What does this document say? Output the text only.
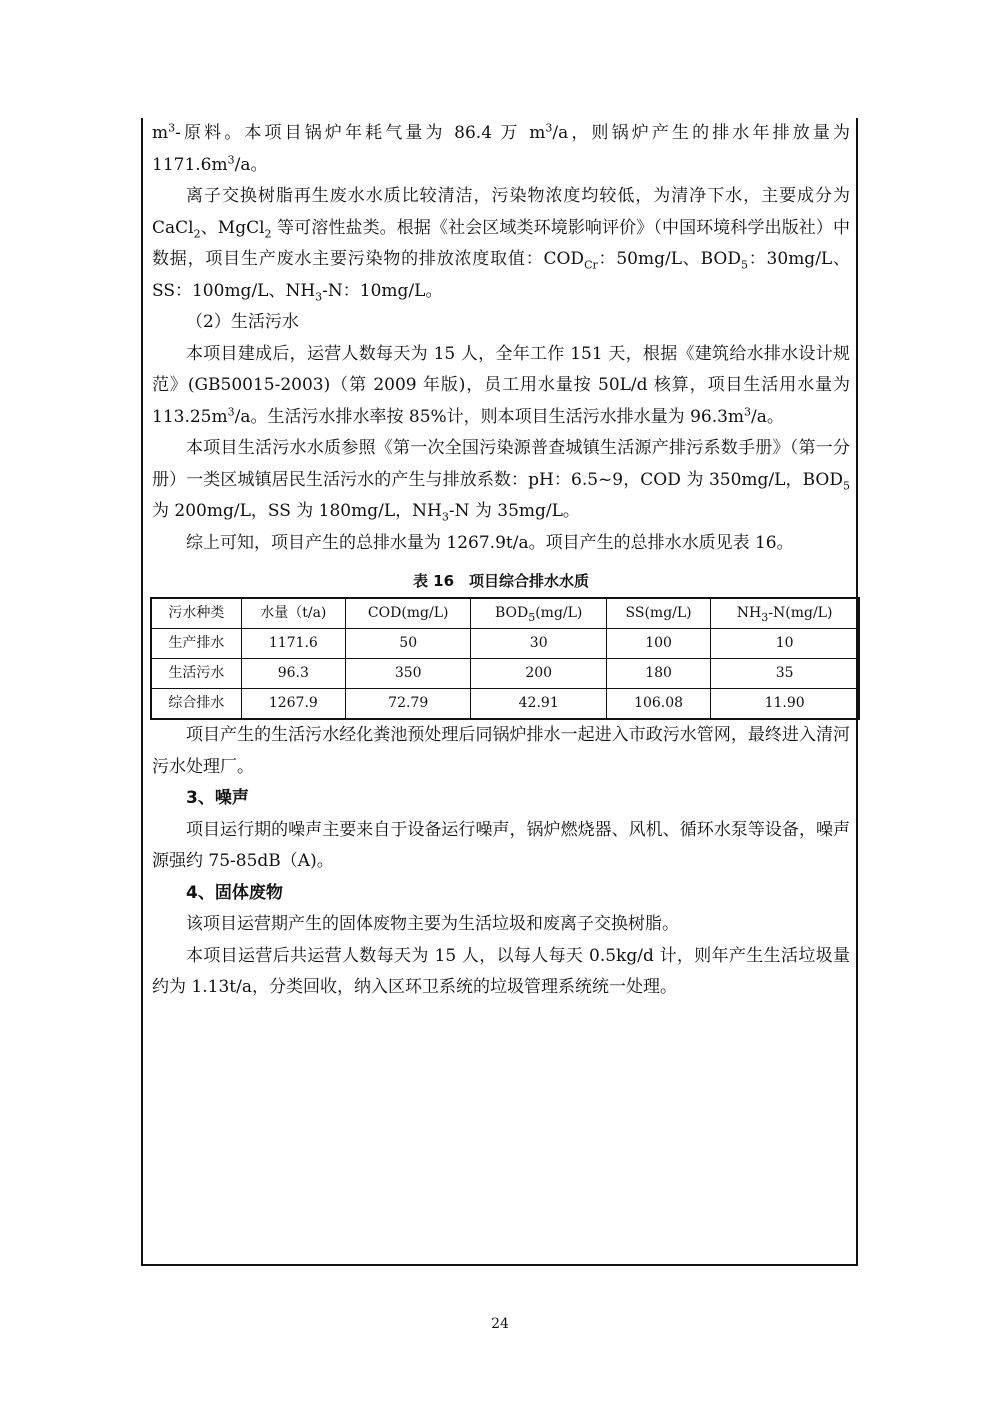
$m^3-$原料。本项目锅炉年耗气量为 86.4 万 $m^3/a$，则锅炉产生的排水年排放量为 $1171.6m^3/a$。

离子交换树脂再生废水水质比较清洁，污染物浓度均较低，为清净下水，主要成分为 CaCl$_2$、MgCl$_2$ 等可溶性盐类。根据《社会区域类环境影响评价》（中国环境科学出版社）中数据，项目生产废水主要污染物的排放浓度取值：$COD_{Cr}$：50mg/L、$BOD_5$：30mg/L、SS：100mg/L、$NH_3-N$：10mg/L。

（2）生活污水

本项目建成后，运营人数每天为 15 人，全年工作 151 天，根据《建筑给水排水设计规范》(GB50015-2003)（第 2009 年版)，员工用水量按 50L/d 核算，项目生活用水量为 $113.25m^3/a$。生活污水排水率按 85%计，则本项目生活污水排水量为 $96.3m^3/a$。

本项目生活污水水质参照《第一次全国污染源普查城镇生活源产排污系数手册》（第一分册）一类区城镇居民生活污水的产生与排放系数：pH：6.5~9，COD 为 350mg/L，$BOD_5$ 为 200mg/L，SS 为 180mg/L，$NH_3-N$ 为 35mg/L。

综上可知，项目产生的总排水量为 1267.9t/a。项目产生的总排水水质见表 16。

表 16　项目综合排水水质

污水种类	水量（t/a)	COD(mg/L)	$BOD_5(mg/L)$	SS(mg/L)	$NH_3-N(mg/L)$
生产排水	1171.6	50	30	100	10
生活污水	96.3	350	200	180	35
综合排水	1267.9	72.79	42.91	106.08	11.90

项目产生的生活污水经化粪池预处理后同锅炉排水一起进入市政污水管网，最终进入清河污水处理厂。

3、噪声

项目运行期的噪声主要来自于设备运行噪声，锅炉燃烧器、风机、循环水泵等设备，噪声源强约 75-85dB（A)。

4、固体废物

该项目运营期产生的固体废物主要为生活垃圾和废离子交换树脂。

本项目运营后共运营人数每天为 15 人，以每人每天 0.5kg/d 计，则年产生生活垃圾量约为 1.13t/a，分类回收，纳入区环卫系统的垃圾管理系统统一处理。

24
